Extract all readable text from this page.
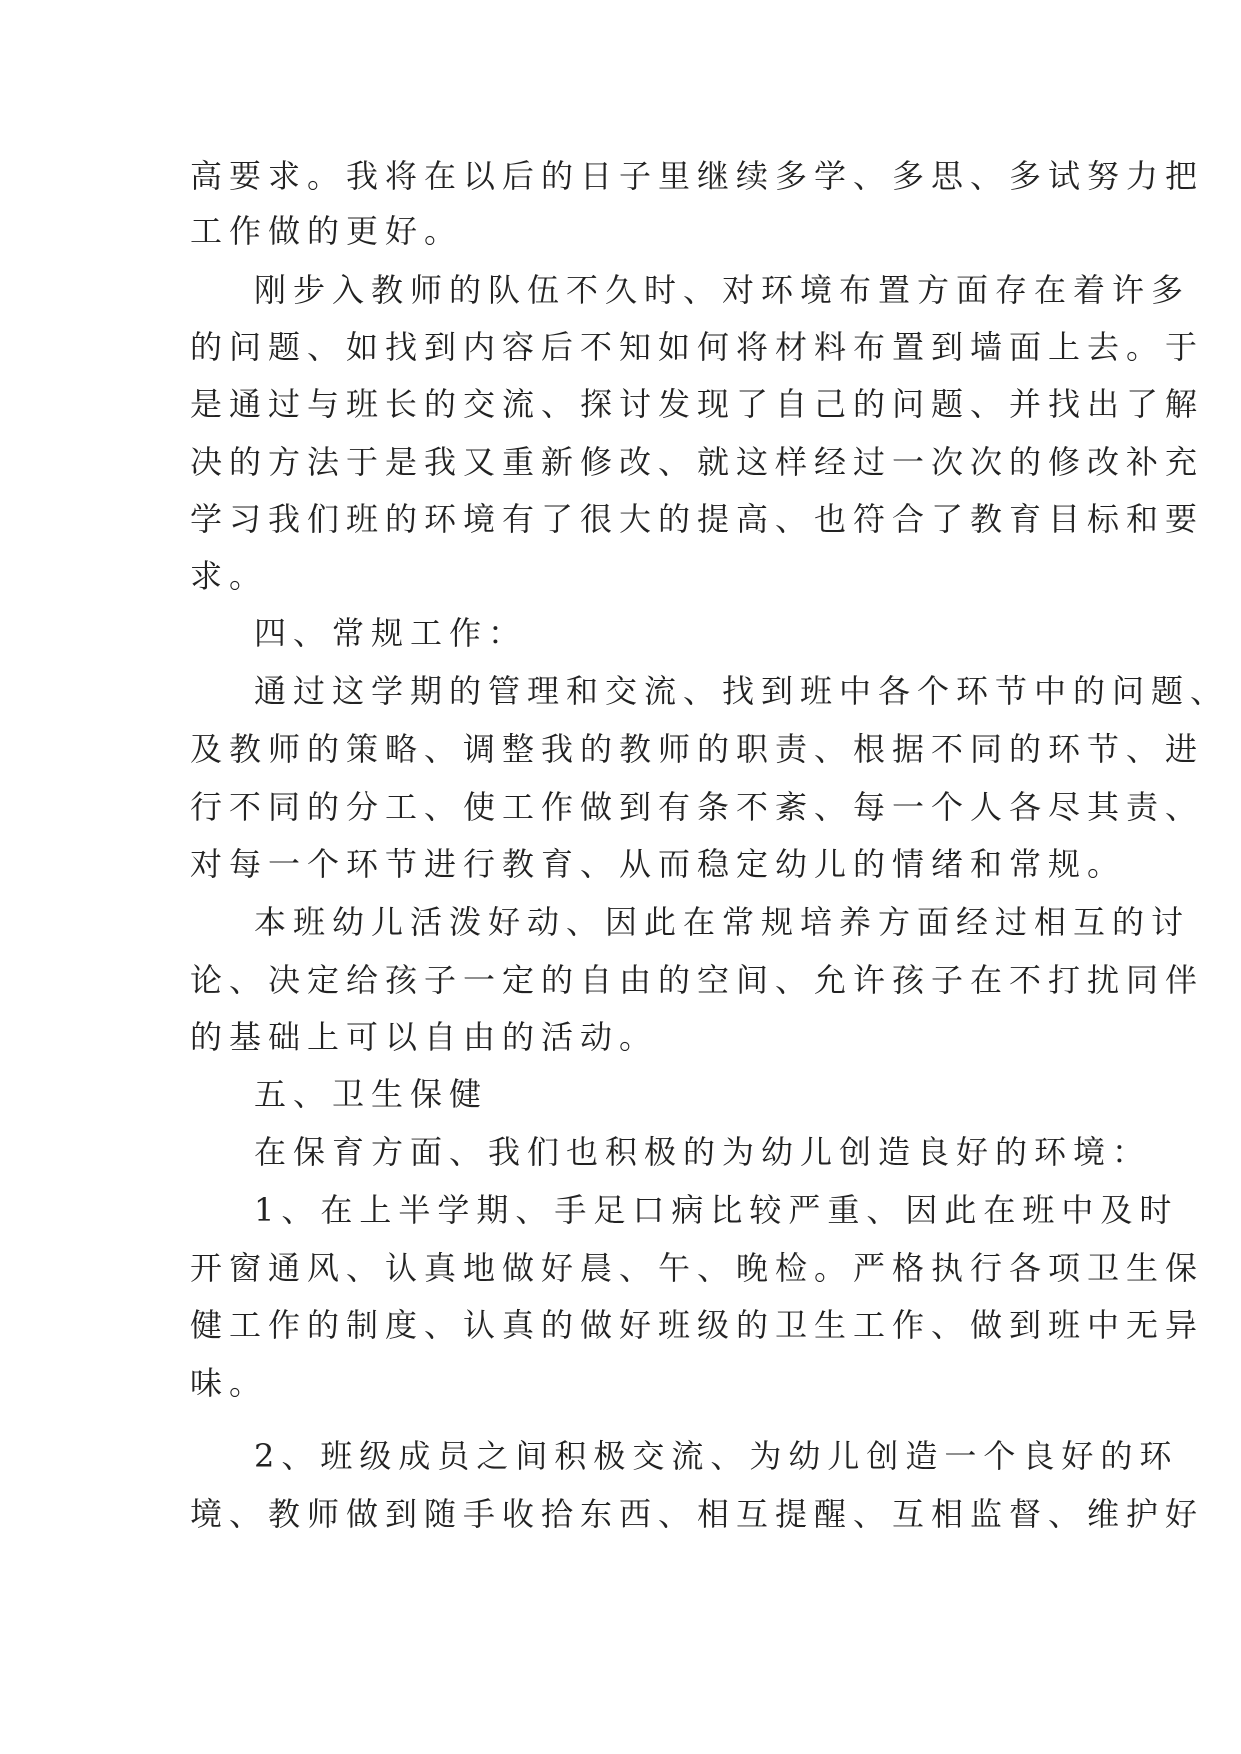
高要求。我将在以后的日子里继续多学、多思、多试努力把
工作做的更好。
刚步入教师的队伍不久时、对环境布置方面存在着许多
的问题、如找到内容后不知如何将材料布置到墙面上去。于
是通过与班长的交流、探讨发现了自己的问题、并找出了解
决的方法于是我又重新修改、就这样经过一次次的修改补充
学习我们班的环境有了很大的提高、也符合了教育目标和要
求。
四、常规工作：
通过这学期的管理和交流、找到班中各个环节中的问题、
及教师的策略、调整我的教师的职责、根据不同的环节、进
行不同的分工、使工作做到有条不紊、每一个人各尽其责、
对每一个环节进行教育、从而稳定幼儿的情绪和常规。
本班幼儿活泼好动、因此在常规培养方面经过相互的讨
论、决定给孩子一定的自由的空间、允许孩子在不打扰同伴
的基础上可以自由的活动。
五、卫生保健
在保育方面、我们也积极的为幼儿创造良好的环境：
1、在上半学期、手足口病比较严重、因此在班中及时
开窗通风、认真地做好晨、午、晚检。严格执行各项卫生保
健工作的制度、认真的做好班级的卫生工作、做到班中无异
味。
2、班级成员之间积极交流、为幼儿创造一个良好的环
境、教师做到随手收拾东西、相互提醒、互相监督、维护好
